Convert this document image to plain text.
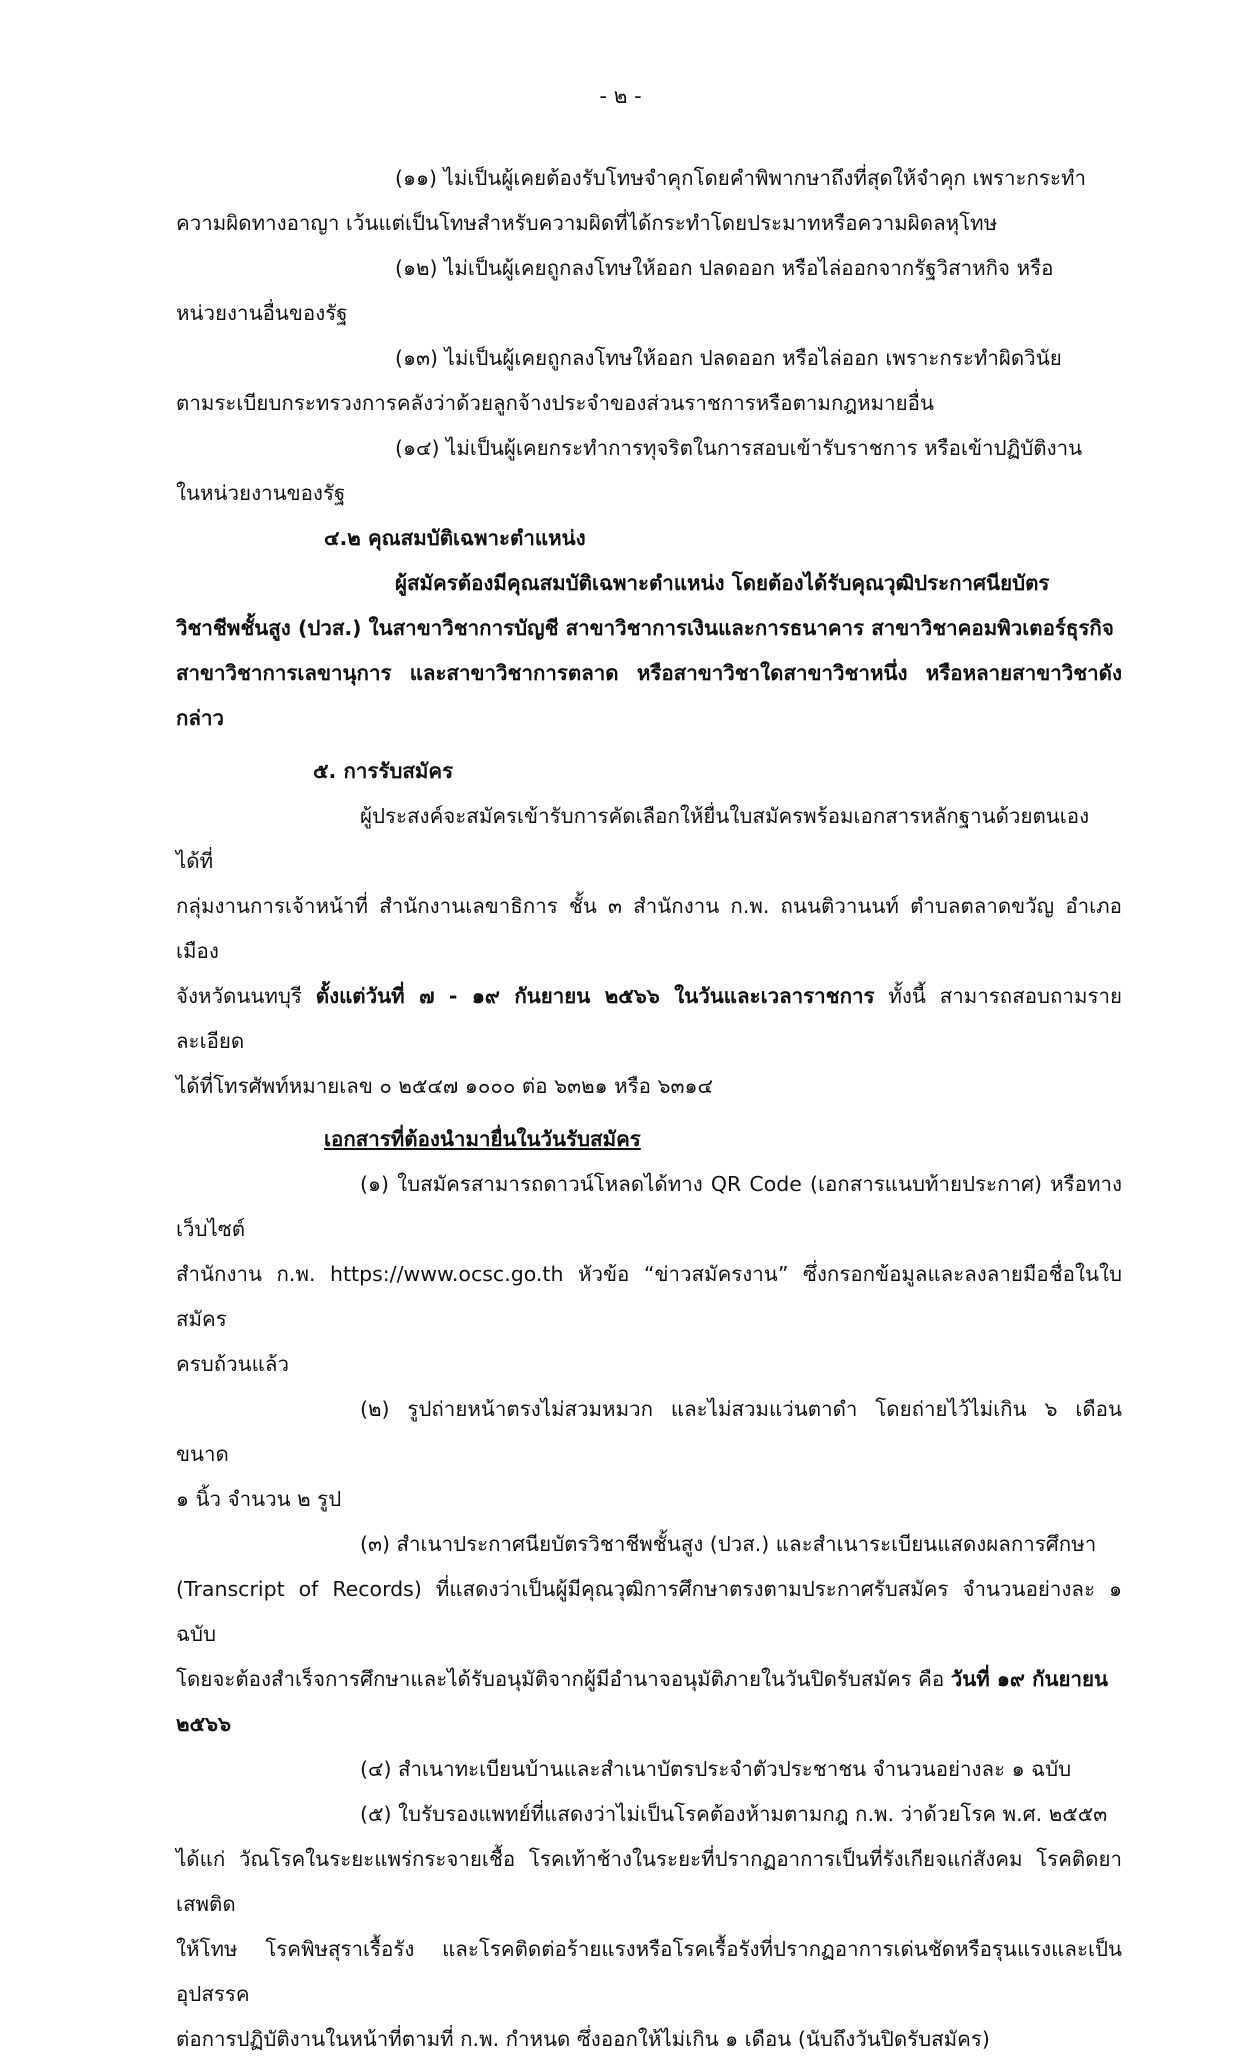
- ๒ -

(๑๑) ไม่เป็นผู้เคยต้องรับโทษจำคุกโดยคำพิพากษาถึงที่สุดให้จำคุก เพราะกระทำ
ความผิดทางอาญา เว้นแต่เป็นโทษสำหรับความผิดที่ได้กระทำโดยประมาทหรือความผิดลหุโทษ

(๑๒) ไม่เป็นผู้เคยถูกลงโทษให้ออก ปลดออก หรือไล่ออกจากรัฐวิสาหกิจ หรือ
หน่วยงานอื่นของรัฐ

(๑๓) ไม่เป็นผู้เคยถูกลงโทษให้ออก ปลดออก หรือไล่ออก เพราะกระทำผิดวินัย
ตามระเบียบกระทรวงการคลังว่าด้วยลูกจ้างประจำของส่วนราชการหรือตามกฎหมายอื่น

(๑๔) ไม่เป็นผู้เคยกระทำการทุจริตในการสอบเข้ารับราชการ หรือเข้าปฏิบัติงาน
ในหน่วยงานของรัฐ

๔.๒ คุณสมบัติเฉพาะตำแหน่ง

ผู้สมัครต้องมีคุณสมบัติเฉพาะตำแหน่ง โดยต้องได้รับคุณวุฒิประกาศนียบัตร
วิชาชีพชั้นสูง (ปวส.) ในสาขาวิชาการบัญชี สาขาวิชาการเงินและการธนาคาร สาขาวิชาคอมพิวเตอร์ธุรกิจ
สาขาวิชาการเลขานุการ และสาขาวิชาการตลาด หรือสาขาวิชาใดสาขาวิชาหนึ่ง หรือหลายสาขาวิชาดังกล่าว

๕. การรับสมัคร

ผู้ประสงค์จะสมัครเข้ารับการคัดเลือกให้ยื่นใบสมัครพร้อมเอกสารหลักฐานด้วยตนเองได้ที่
กลุ่มงานการเจ้าหน้าที่ สำนักงานเลขาธิการ ชั้น ๓ สำนักงาน ก.พ. ถนนติวานนท์ ตำบลตลาดขวัญ อำเภอเมือง
จังหวัดนนทบุรี ตั้งแต่วันที่ ๗ - ๑๙ กันยายน ๒๕๖๖ ในวันและเวลาราชการ ทั้งนี้ สามารถสอบถามรายละเอียด
ได้ที่โทรศัพท์หมายเลข ๐ ๒๕๔๗ ๑๐๐๐ ต่อ ๖๓๒๑ หรือ ๖๓๑๔

เอกสารที่ต้องนำมายื่นในวันรับสมัคร

(๑) ใบสมัครสามารถดาวน์โหลดได้ทาง QR Code (เอกสารแนบท้ายประกาศ) หรือทางเว็บไซต์
สำนักงาน ก.พ. https://www.ocsc.go.th หัวข้อ “ข่าวสมัครงาน” ซึ่งกรอกข้อมูลและลงลายมือชื่อในใบสมัคร
ครบถ้วนแล้ว

(๒) รูปถ่ายหน้าตรงไม่สวมหมวก และไม่สวมแว่นตาดำ โดยถ่ายไว้ไม่เกิน ๖ เดือน ขนาด
๑ นิ้ว จำนวน ๒ รูป

(๓) สำเนาประกาศนียบัตรวิชาชีพชั้นสูง (ปวส.) และสำเนาระเบียนแสดงผลการศึกษา
(Transcript of Records) ที่แสดงว่าเป็นผู้มีคุณวุฒิการศึกษาตรงตามประกาศรับสมัคร จำนวนอย่างละ ๑ ฉบับ
โดยจะต้องสำเร็จการศึกษาและได้รับอนุมัติจากผู้มีอำนาจอนุมัติภายในวันปิดรับสมัคร คือ วันที่ ๑๙ กันยายน
๒๕๖๖

(๔) สำเนาทะเบียนบ้านและสำเนาบัตรประจำตัวประชาชน จำนวนอย่างละ ๑ ฉบับ

(๕) ใบรับรองแพทย์ที่แสดงว่าไม่เป็นโรคต้องห้ามตามกฎ ก.พ. ว่าด้วยโรค พ.ศ. ๒๕๕๓
ได้แก่ วัณโรคในระยะแพร่กระจายเชื้อ โรคเท้าช้างในระยะที่ปรากฏอาการเป็นที่รังเกียจแก่สังคม โรคติดยาเสพติด
ให้โทษ โรคพิษสุราเรื้อรัง และโรคติดต่อร้ายแรงหรือโรคเรื้อรังที่ปรากฏอาการเด่นชัดหรือรุนแรงและเป็นอุปสรรค
ต่อการปฏิบัติงานในหน้าที่ตามที่ ก.พ. กำหนด ซึ่งออกให้ไม่เกิน ๑ เดือน (นับถึงวันปิดรับสมัคร)
